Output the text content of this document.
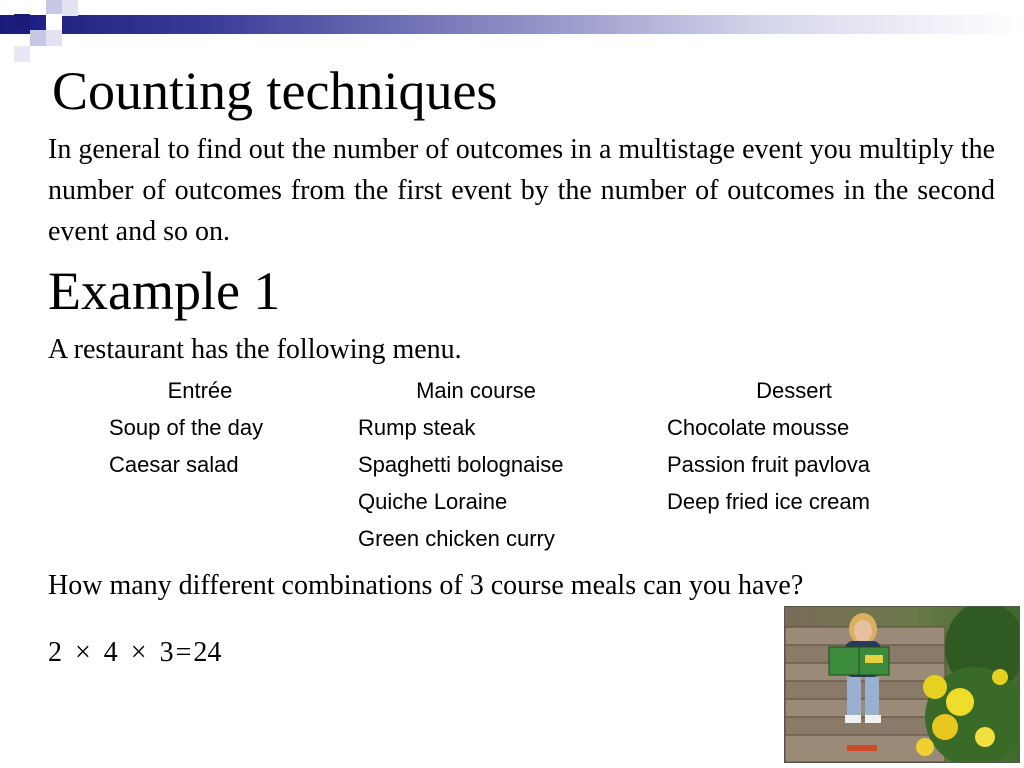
Counting techniques
In general to find out the number of outcomes in a multistage event you multiply the number of outcomes from the first event by the number of outcomes in the second event and so on.
Example 1
A restaurant has the following menu.
Entrée	Main course	Dessert
Soup of the day
Caesar salad
Rump steak
Spaghetti bolognaise
Quiche Loraine
Green chicken curry
Chocolate mousse
Passion fruit pavlova
Deep fried ice cream
How many different combinations of 3 course meals can you have?
2 × 4 × 3=24
